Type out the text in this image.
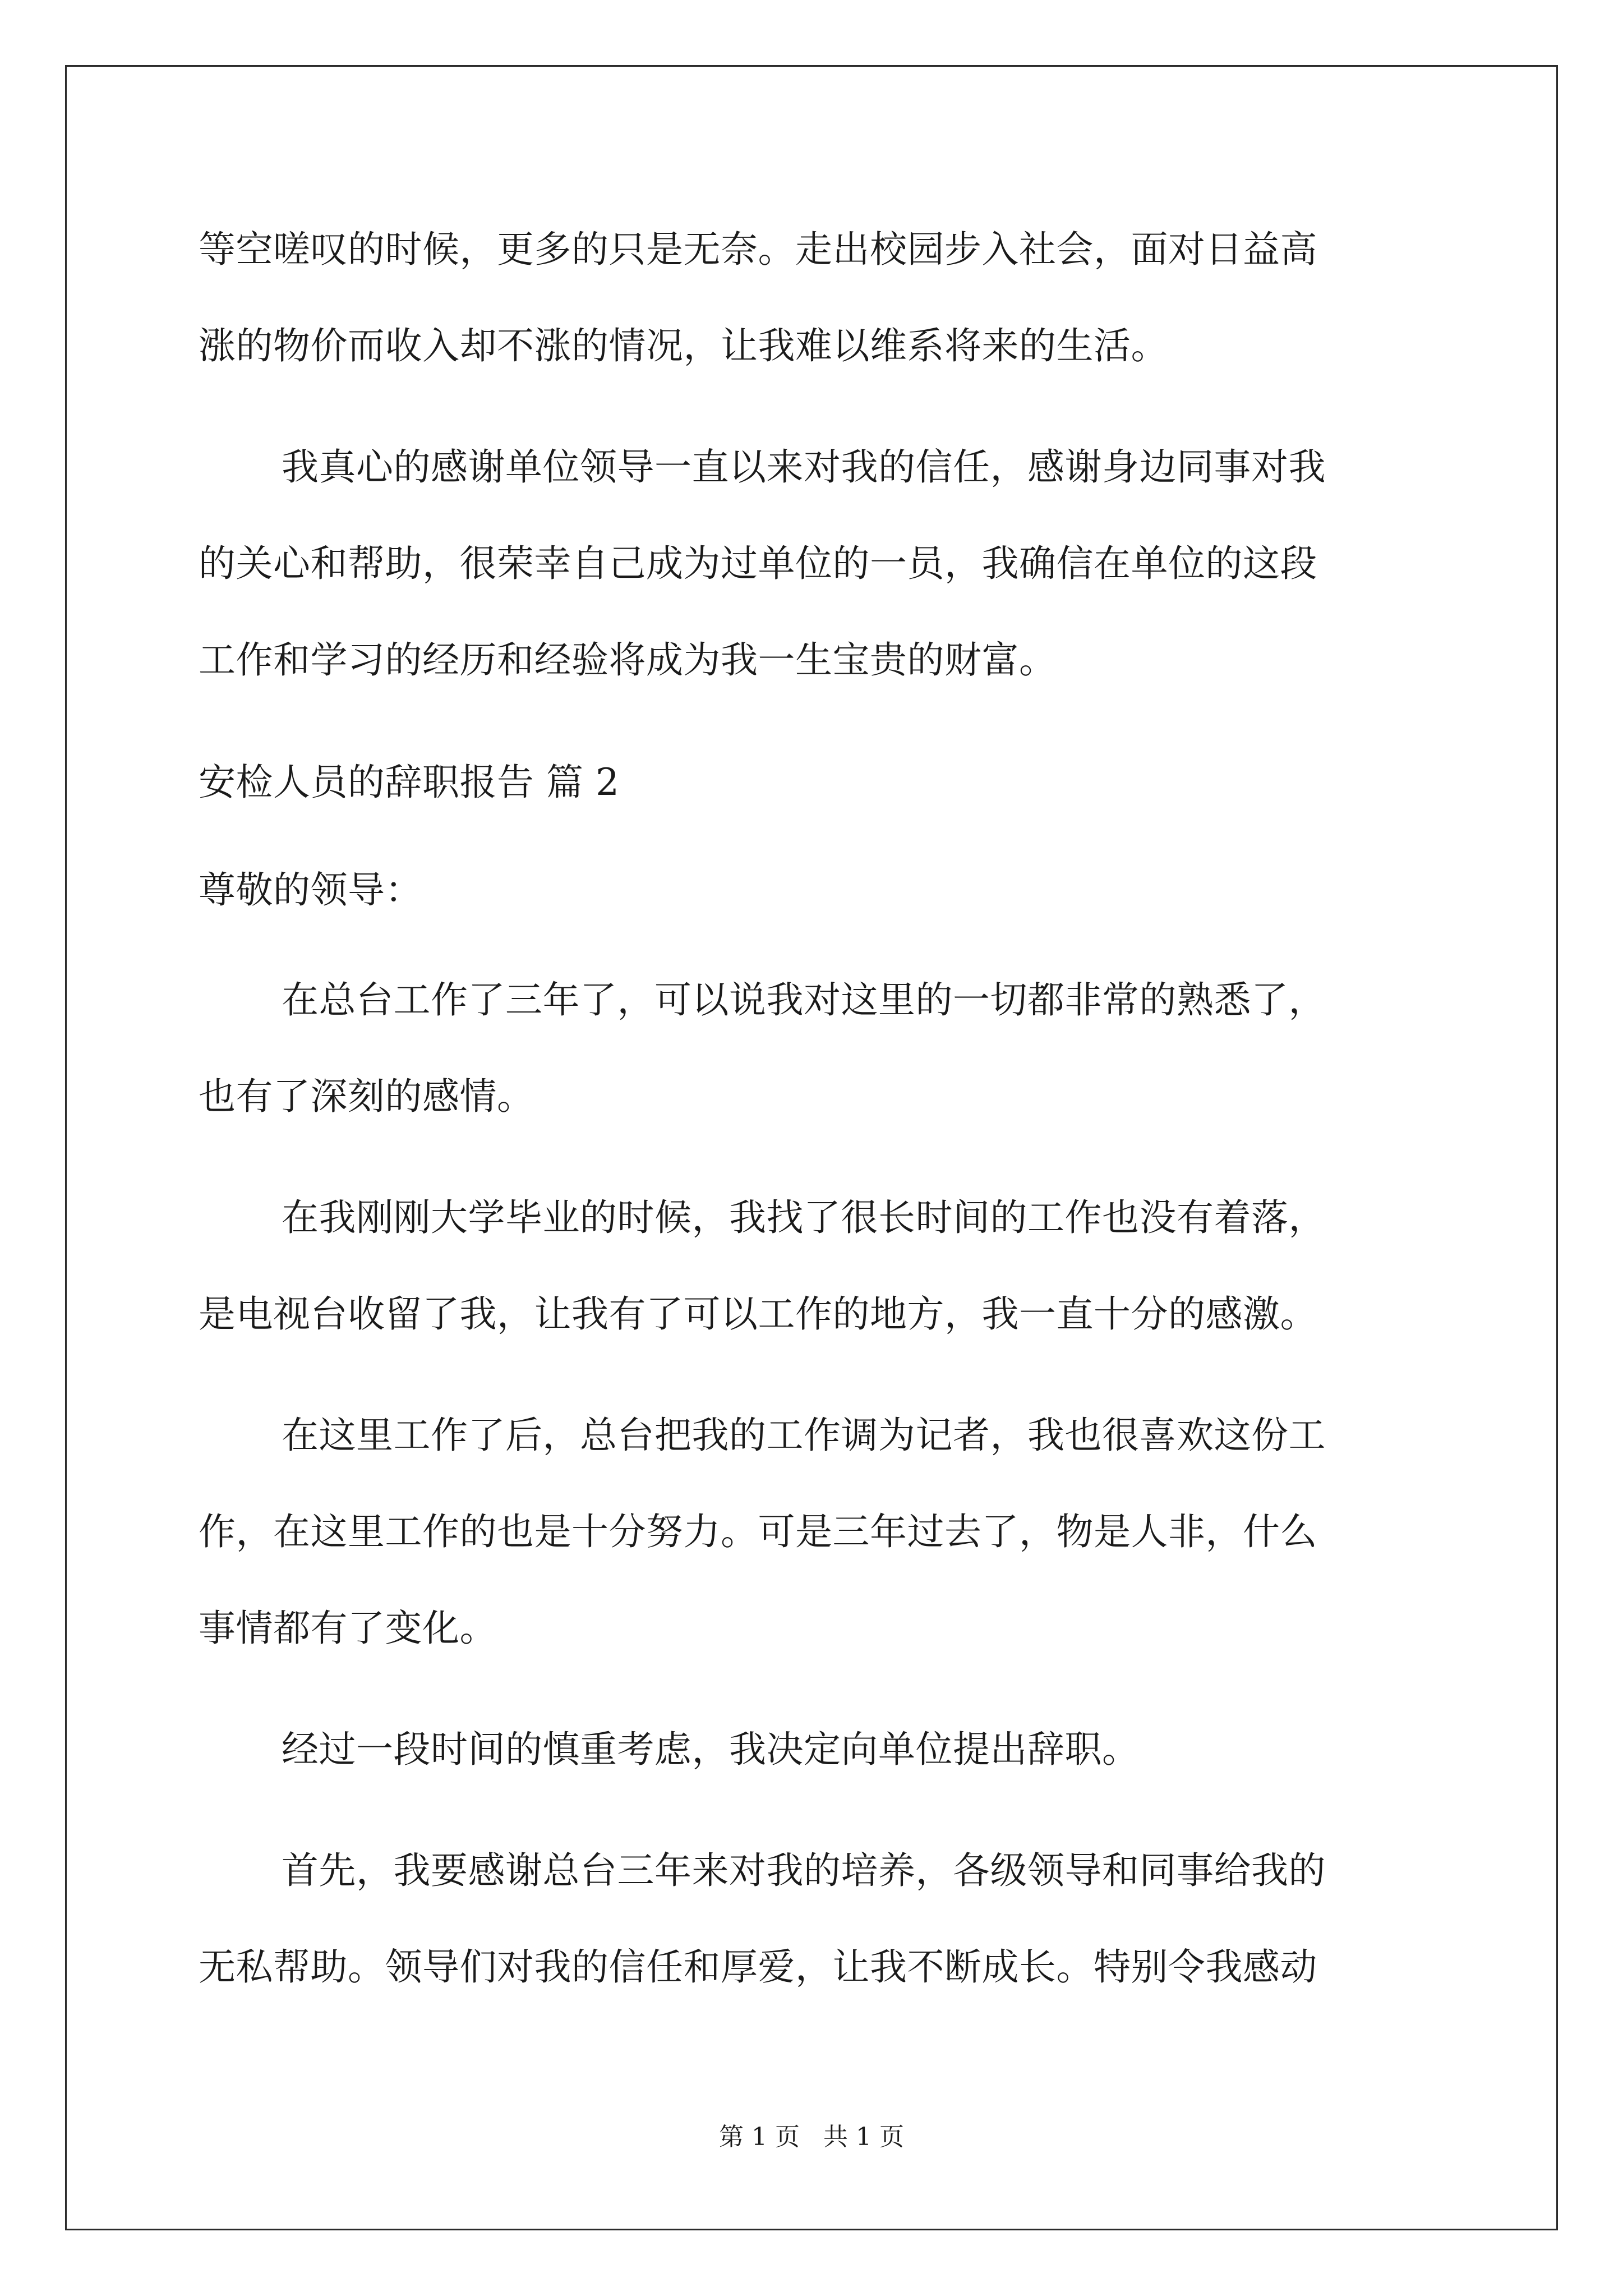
等空嗟叹的时候，更多的只是无奈。走出校园步入社会，面对日益高
涨的物价而收入却不涨的情况，让我难以维系将来的生活。
我真心的感谢单位领导一直以来对我的信任，感谢身边同事对我
的关心和帮助，很荣幸自己成为过单位的一员，我确信在单位的这段
工作和学习的经历和经验将成为我一生宝贵的财富。
安检人员的辞职报告 篇 2
尊敬的领导：
在总台工作了三年了，可以说我对这里的一切都非常的熟悉了，
也有了深刻的感情。
在我刚刚大学毕业的时候，我找了很长时间的工作也没有着落，
是电视台收留了我，让我有了可以工作的地方，我一直十分的感激。
在这里工作了后，总台把我的工作调为记者，我也很喜欢这份工
作，在这里工作的也是十分努力。可是三年过去了，物是人非，什么
事情都有了变化。
经过一段时间的慎重考虑，我决定向单位提出辞职。
首先，我要感谢总台三年来对我的培养，各级领导和同事给我的
无私帮助。领导们对我的信任和厚爱，让我不断成长。特别令我感动
第 1 页   共 1 页
